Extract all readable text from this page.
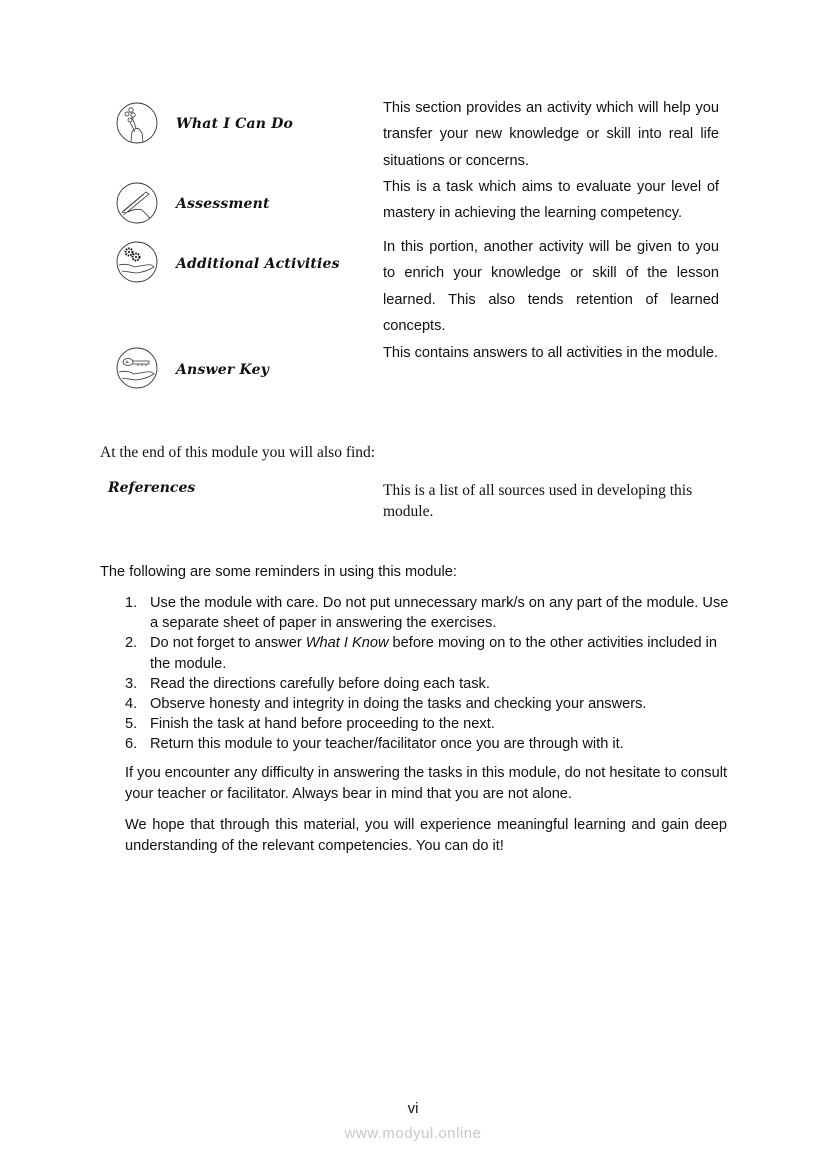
What I Can Do
This section provides an activity which will help you transfer your new knowledge or skill into real life situations or concerns.
Assessment
This is a task which aims to evaluate your level of mastery in achieving the learning competency.
Additional Activities
In this portion, another activity will be given to you to enrich your knowledge or skill of the lesson learned. This also tends retention of learned concepts.
Answer Key
This contains answers to all activities in the module.
At the end of this module you will also find:
References	This is a list of all sources used in developing this module.
The following are some reminders in using this module:
1. Use the module with care. Do not put unnecessary mark/s on any part of the module. Use a separate sheet of paper in answering the exercises.
2. Do not forget to answer What I Know before moving on to the other activities included in the module.
3. Read the directions carefully before doing each task.
4. Observe honesty and integrity in doing the tasks and checking your answers.
5. Finish the task at hand before proceeding to the next.
6. Return this module to your teacher/facilitator once you are through with it.
If you encounter any difficulty in answering the tasks in this module, do not hesitate to consult your teacher or facilitator. Always bear in mind that you are not alone.
We hope that through this material, you will experience meaningful learning and gain deep understanding of the relevant competencies. You can do it!
vi
www.modyul.online
